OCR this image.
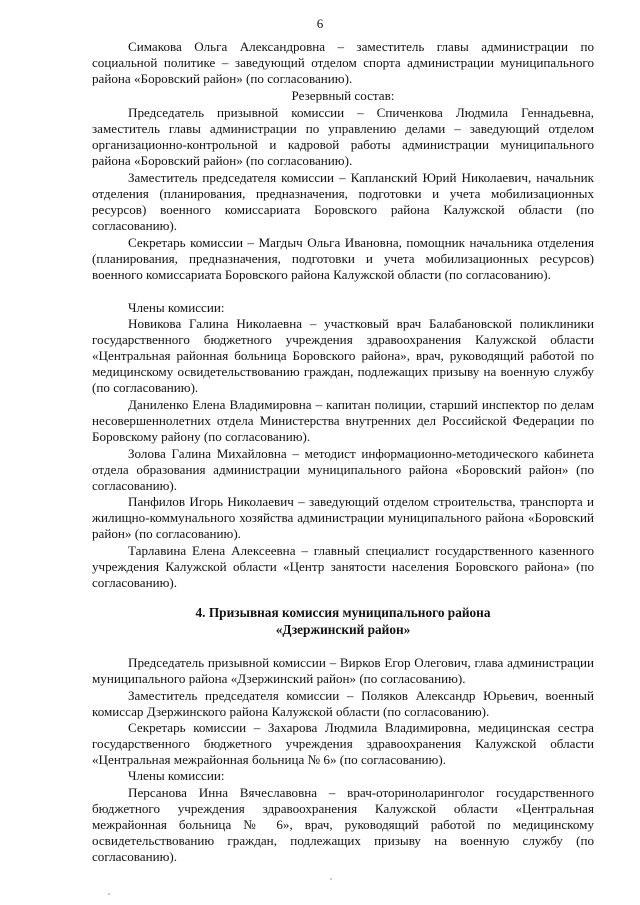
6

Симакова Ольга Александровна – заместитель главы администрации по социальной политике – заведующий отделом спорта администрации муниципального района «Боровский район» (по согласованию).

Резервный состав:

Председатель призывной комиссии – Спиченкова Людмила Геннадьевна, заместитель главы администрации по управлению делами – заведующий отделом организационно-контрольной и кадровой работы администрации муниципального района «Боровский район» (по согласованию).

Заместитель председателя комиссии – Капланский Юрий Николаевич, начальник отделения (планирования, предназначения, подготовки и учета мобилизационных ресурсов) военного комиссариата Боровского района Калужской области (по согласованию).

Секретарь комиссии – Магдыч Ольга Ивановна, помощник начальника отделения (планирования, предназначения, подготовки и учета мобилизационных ресурсов) военного комиссариата Боровского района Калужской области (по согласованию).

Члены комиссии:

Новикова Галина Николаевна – участковый врач Балабановской поликлиники государственного бюджетного учреждения здравоохранения Калужской области «Центральная районная больница Боровского района», врач, руководящий работой по медицинскому освидетельствованию граждан, подлежащих призыву на военную службу (по согласованию).

Даниленко Елена Владимировна – капитан полиции, старший инспектор по делам несовершеннолетних отдела Министерства внутренних дел Российской Федерации по Боровскому району (по согласованию).

Золова Галина Михайловна – методист информационно-методического кабинета отдела образования администрации муниципального района «Боровский район» (по согласованию).

Панфилов Игорь Николаевич – заведующий отделом строительства, транспорта и жилищно-коммунального хозяйства администрации муниципального района «Боровский район» (по согласованию).

Тарлавина Елена Алексеевна – главный специалист государственного казенного учреждения Калужской области «Центр занятости населения Боровского района» (по согласованию).

4. Призывная комиссия муниципального района

«Дзержинский район»

Председатель призывной комиссии – Вирков Егор Олегович, глава администрации муниципального района «Дзержинский район» (по согласованию).

Заместитель председателя комиссии – Поляков Александр Юрьевич, военный комиссар Дзержинского района Калужской области (по согласованию).

Секретарь комиссии – Захарова Людмила Владимировна, медицинская сестра государственного бюджетного учреждения здравоохранения Калужской области «Центральная межрайонная больница № 6» (по согласованию).

Члены комиссии:

Персанова Инна Вячеславовна – врач-оториноларинголог государственного бюджетного учреждения здравоохранения Калужской области «Центральная межрайонная больница № 6», врач, руководящий работой по медицинскому освидетельствованию граждан, подлежащих призыву на военную службу (по согласованию).
